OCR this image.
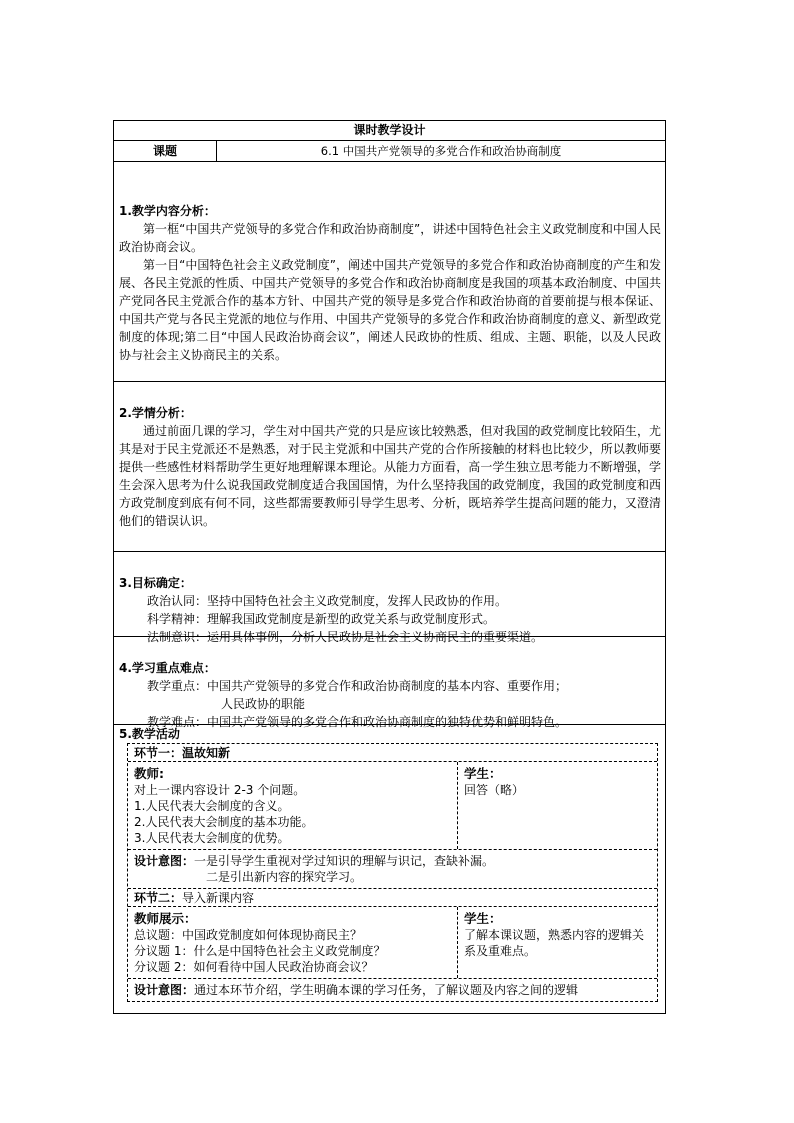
课时教学设计
课题	6.1 中国共产党领导的多党合作和政治协商制度
1.教学内容分析：

第一框“中国共产党领导的多党合作和政治协商制度”，讲述中国特色社会主义政党制度和中国人民政治协商会议。

第一目“中国特色社会主义政党制度”，阐述中国共产党领导的多党合作和政治协商制度的产生和发展、各民主党派的性质、中国共产党领导的多党合作和政治协商制度是我国的项基本政治制度、中国共产党同各民主党派合作的基本方针、中国共产党的领导是多党合作和政治协商的首要前提与根本保证、中国共产党与各民主党派的地位与作用、中国共产党领导的多党合作和政治协商制度的意义、新型政党制度的体现;第二目“中国人民政治协商会议”，阐述人民政协的性质、组成、主题、职能，以及人民政协与社会主义协商民主的关系。

2.学情分析：

通过前面几课的学习，学生对中国共产党的只是应该比较熟悉，但对我国的政党制度比较陌生，尤其是对于民主党派还不是熟悉，对于民主党派和中国共产党的合作所接触的材料也比较少，所以教师要提供一些感性材料帮助学生更好地理解课本理论。从能力方面看，高一学生独立思考能力不断增强，学生会深入思考为什么说我国政党制度适合我国国情，为什么坚持我国的政党制度，我国的政党制度和西方政党制度到底有何不同，这些都需要教师引导学生思考、分析，既培养学生提高问题的能力，又澄清他们的错误认识。

3.目标确定：
政治认同：坚持中国特色社会主义政党制度，发挥人民政协的作用。
科学精神：理解我国政党制度是新型的政党关系与政党制度形式。
法制意识：运用具体事例，分析人民政协是社会主义协商民主的重要渠道。
4.学习重点难点：
教学重点：中国共产党领导的多党合作和政治协商制度的基本内容、重要作用；
人民政协的职能
教学难点：中国共产党领导的多党合作和政治协商制度的独特优势和鲜明特色。
5.教学活动
环节一：温故知新
教师:
对上一课内容设计 2-3 个问题。
1.人民代表大会制度的含义。
2.人民代表大会制度的基本功能。
3.人民代表大会制度的优势。
学生：
回答（略）
设计意图：一是引导学生重视对学过知识的理解与识记，查缺补漏。
二是引出新内容的探究学习。
环节二：导入新课内容
教师展示：
总议题：中国政党制度如何体现协商民主？
分议题 1：什么是中国特色社会主义政党制度？
分议题 2：如何看待中国人民政治协商会议？
学生：
了解本课议题，熟悉内容的逻辑关系及重难点。
设计意图：通过本环节介绍，学生明确本课的学习任务，了解议题及内容之间的逻辑
